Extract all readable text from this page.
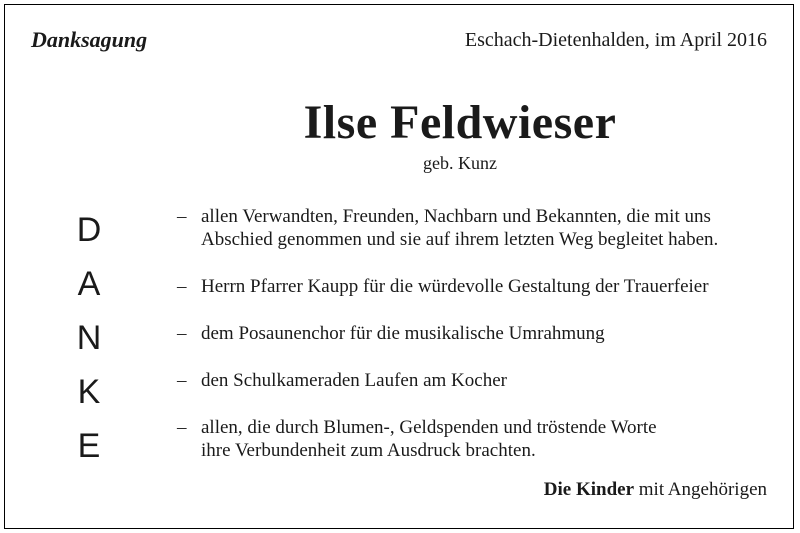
Danksagung	Eschach-Dietenhalden, im April 2016
Ilse Feldwieser
geb. Kunz
D
A
N
K
E
– allen Verwandten, Freunden, Nachbarn und Bekannten, die mit uns
Abschied genommen und sie auf ihrem letzten Weg begleitet haben.
– Herrn Pfarrer Kaupp für die würdevolle Gestaltung der Trauerfeier
– dem Posaunenchor für die musikalische Umrahmung
– den Schulkameraden Laufen am Kocher
– allen, die durch Blumen-, Geldspenden und tröstende Worte
ihre Verbundenheit zum Ausdruck brachten.
Die Kinder mit Angehörigen
